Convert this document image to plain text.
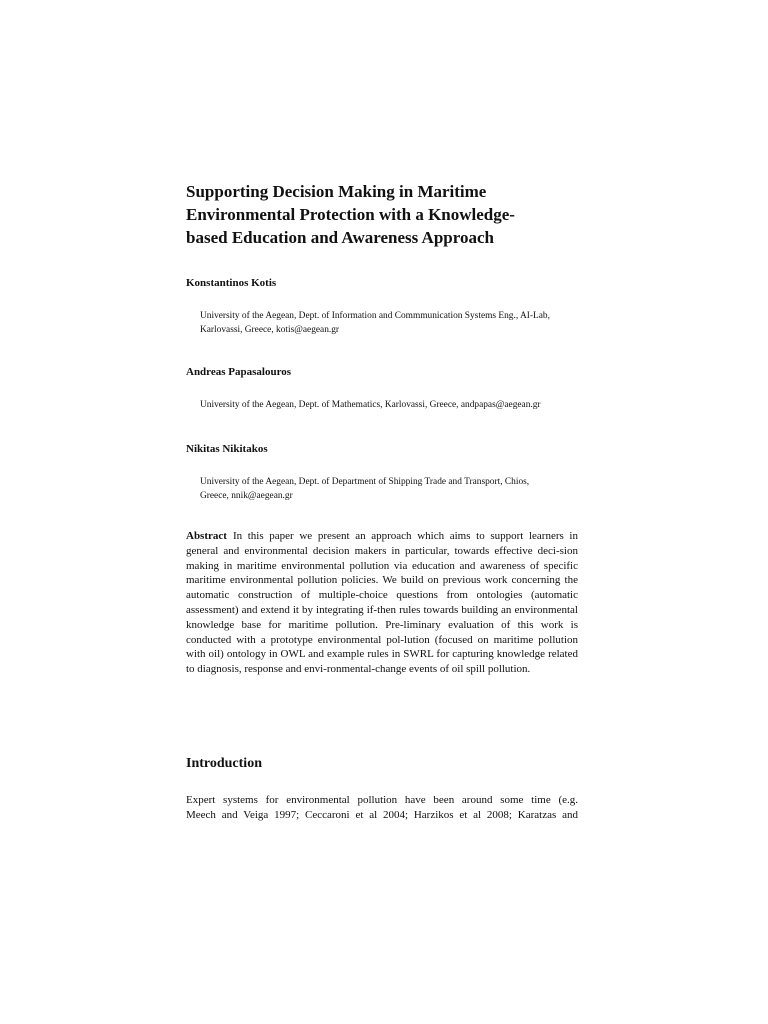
Supporting Decision Making in Maritime
Environmental Protection with a Knowledge-
based Education and Awareness Approach

Konstantinos Kotis

University of the Aegean, Dept. of Information and Commmunication Systems Eng., AI-Lab,
Karlovassi, Greece, kotis@aegean.gr

Andreas Papasalouros

University of the Aegean, Dept. of Mathematics, Karlovassi, Greece, andpapas@aegean.gr

Nikitas Nikitakos

University of the Aegean, Dept. of Department of Shipping Trade and Transport, Chios,
Greece, nnik@aegean.gr

Abstract In this paper we present an approach which aims to support learners in general and environmental decision makers in particular, towards effective deci-sion making in maritime environmental pollution via education and awareness of specific maritime environmental pollution policies. We build on previous work concerning the automatic construction of multiple-choice questions from ontologies (automatic assessment) and extend it by integrating if-then rules towards building an environmental knowledge base for maritime pollution. Pre-liminary evaluation of this work is conducted with a prototype environmental pol-lution (focused on maritime pollution with oil) ontology in OWL and example rules in SWRL for capturing knowledge related to diagnosis, response and envi-ronmental-change events of oil spill pollution.

Introduction

Expert systems for environmental pollution have been around some time (e.g.
Meech and Veiga 1997; Ceccaroni et al 2004; Harzikos et al 2008; Karatzas and
